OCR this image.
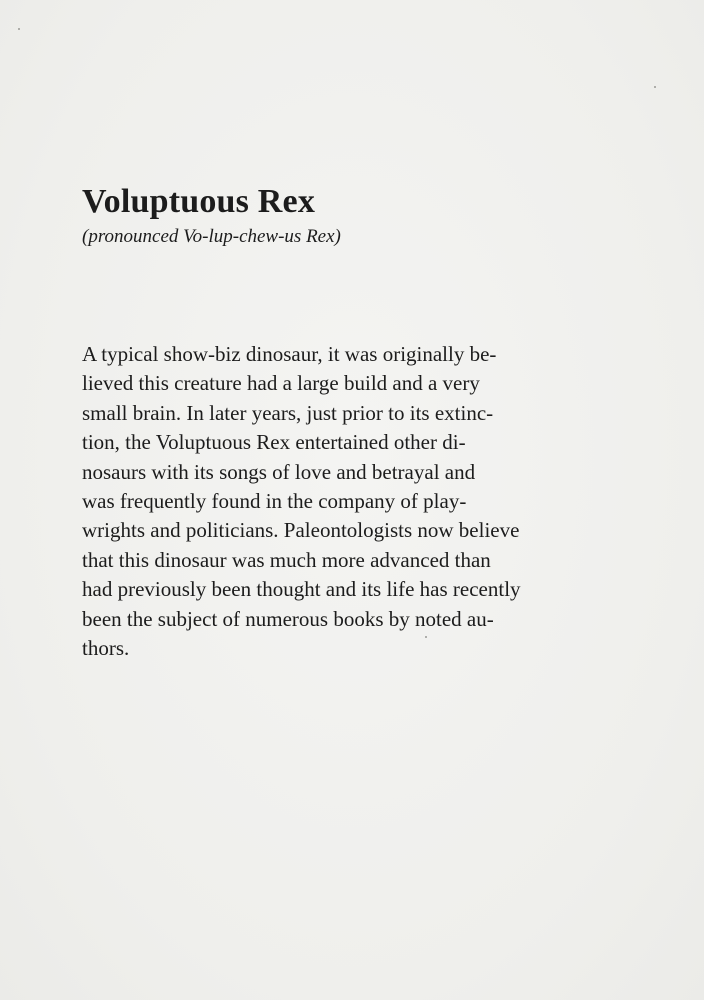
Voluptuous Rex

(pronounced Vo-lup-chew-us Rex)

A typical show-biz dinosaur, it was originally be-
lieved this creature had a large build and a very
small brain. In later years, just prior to its extinc-
tion, the Voluptuous Rex entertained other di-
nosaurs with its songs of love and betrayal and
was frequently found in the company of play-
wrights and politicians. Paleontologists now believe
that this dinosaur was much more advanced than
had previously been thought and its life has recently
been the subject of numerous books by noted au-
thors.
